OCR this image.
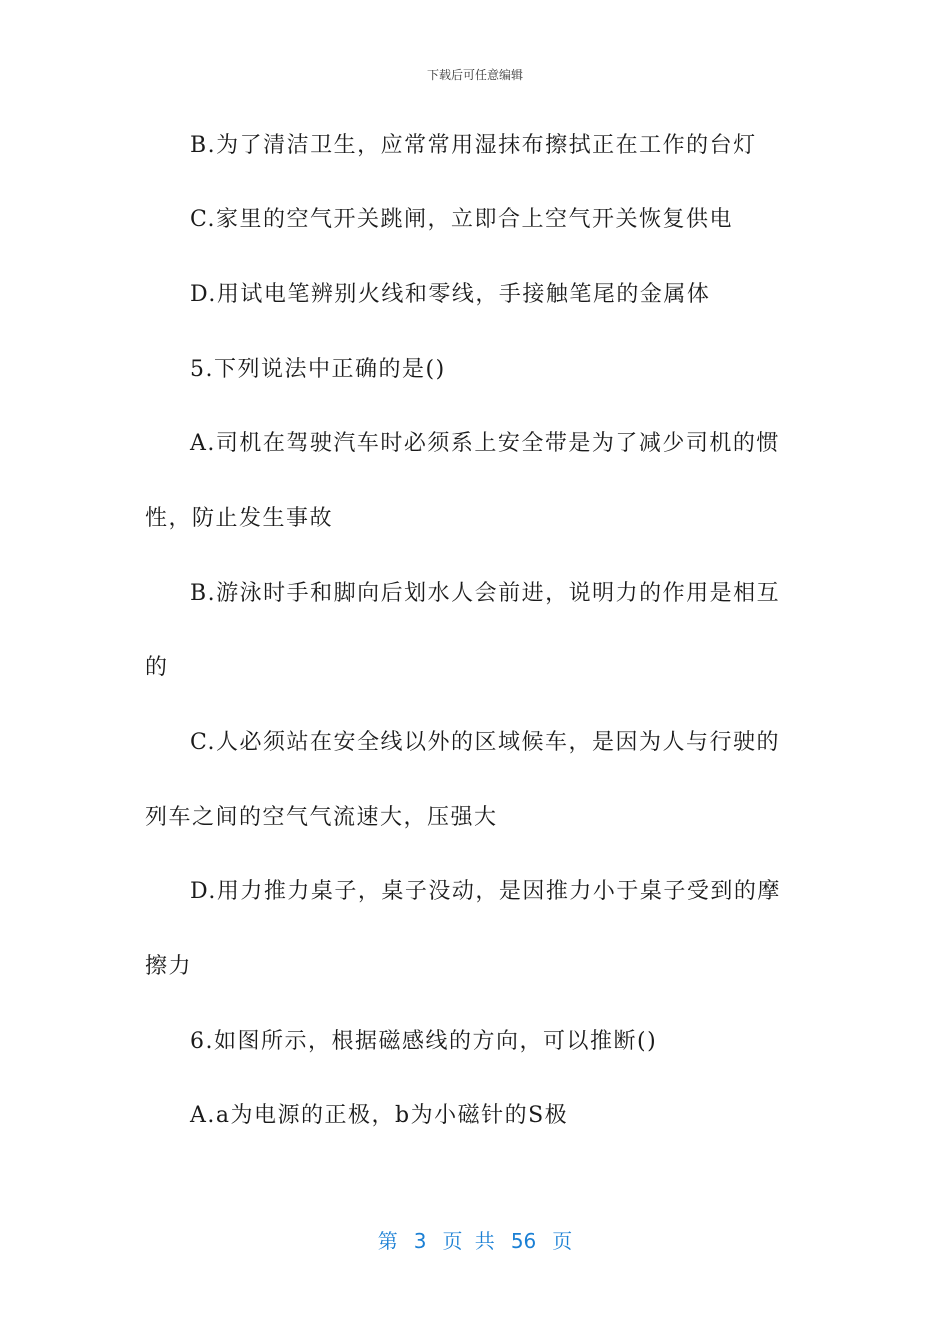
下载后可任意编辑
B.为了清洁卫生，应常常用湿抹布擦拭正在工作的台灯
C.家里的空气开关跳闸，立即合上空气开关恢复供电
D.用试电笔辨别火线和零线，手接触笔尾的金属体
5.下列说法中正确的是()
A.司机在驾驶汽车时必须系上安全带是为了减少司机的惯
性，防止发生事故
B.游泳时手和脚向后划水人会前进，说明力的作用是相互
的
C.人必须站在安全线以外的区域候车，是因为人与行驶的
列车之间的空气气流速大，压强大
D.用力推力桌子，桌子没动，是因推力小于桌子受到的摩
擦力
6.如图所示，根据磁感线的方向，可以推断()
A.a为电源的正极，b为小磁针的S极
第 3 页 共 56 页
